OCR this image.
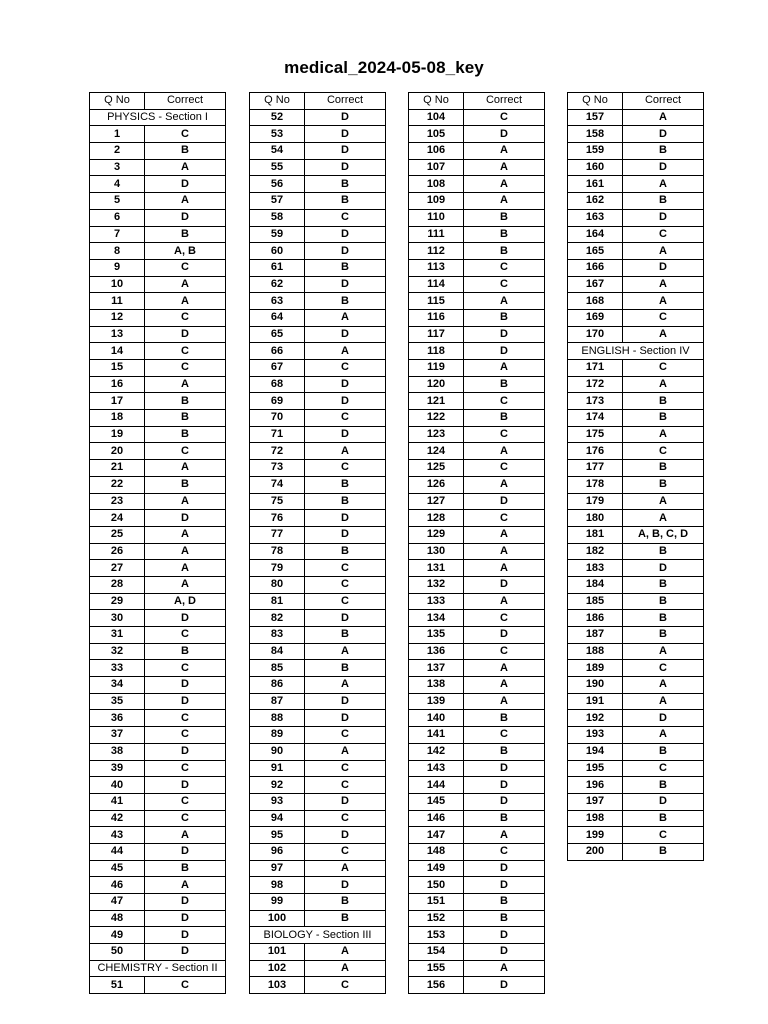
medical_2024-05-08_key
Q No	Correct
PHYSICS - Section I	
1	C
2	B
3	A
4	D
5	A
6	D
7	B
8	A, B
9	C
10	A
11	A
12	C
13	D
14	C
15	C
16	A
17	B
18	B
19	B
20	C
21	A
22	B
23	A
24	D
25	A
26	A
27	A
28	A
29	A, D
30	D
31	C
32	B
33	C
34	D
35	D
36	C
37	C
38	D
39	C
40	D
41	C
42	C
43	A
44	D
45	B
46	A
47	D
48	D
49	D
50	D
CHEMISTRY - Section II	
51	C
Q No	Correct
52	D
53	D
54	D
55	D
56	B
57	B
58	C
59	D
60	D
61	B
62	D
63	B
64	A
65	D
66	A
67	C
68	D
69	D
70	C
71	D
72	A
73	C
74	B
75	B
76	D
77	D
78	B
79	C
80	C
81	C
82	D
83	B
84	A
85	B
86	A
87	D
88	D
89	C
90	A
91	C
92	C
93	D
94	C
95	D
96	C
97	A
98	D
99	B
100	B
BIOLOGY - Section III	
101	A
102	A
103	C
Q No	Correct
104	C
105	D
106	A
107	A
108	A
109	A
110	B
111	B
112	B
113	C
114	C
115	A
116	B
117	D
118	D
119	A
120	B
121	C
122	B
123	C
124	A
125	C
126	A
127	D
128	C
129	A
130	A
131	A
132	D
133	A
134	C
135	D
136	C
137	A
138	A
139	A
140	B
141	C
142	B
143	D
144	D
145	D
146	B
147	A
148	C
149	D
150	D
151	B
152	B
153	D
154	D
155	A
156	D
Q No	Correct
157	A
158	D
159	B
160	D
161	A
162	B
163	D
164	C
165	A
166	D
167	A
168	A
169	C
170	A
ENGLISH - Section IV	
171	C
172	A
173	B
174	B
175	A
176	C
177	B
178	B
179	A
180	A
181	A, B, C, D
182	B
183	D
184	B
185	B
186	B
187	B
188	A
189	C
190	A
191	A
192	D
193	A
194	B
195	C
196	B
197	D
198	B
199	C
200	B
